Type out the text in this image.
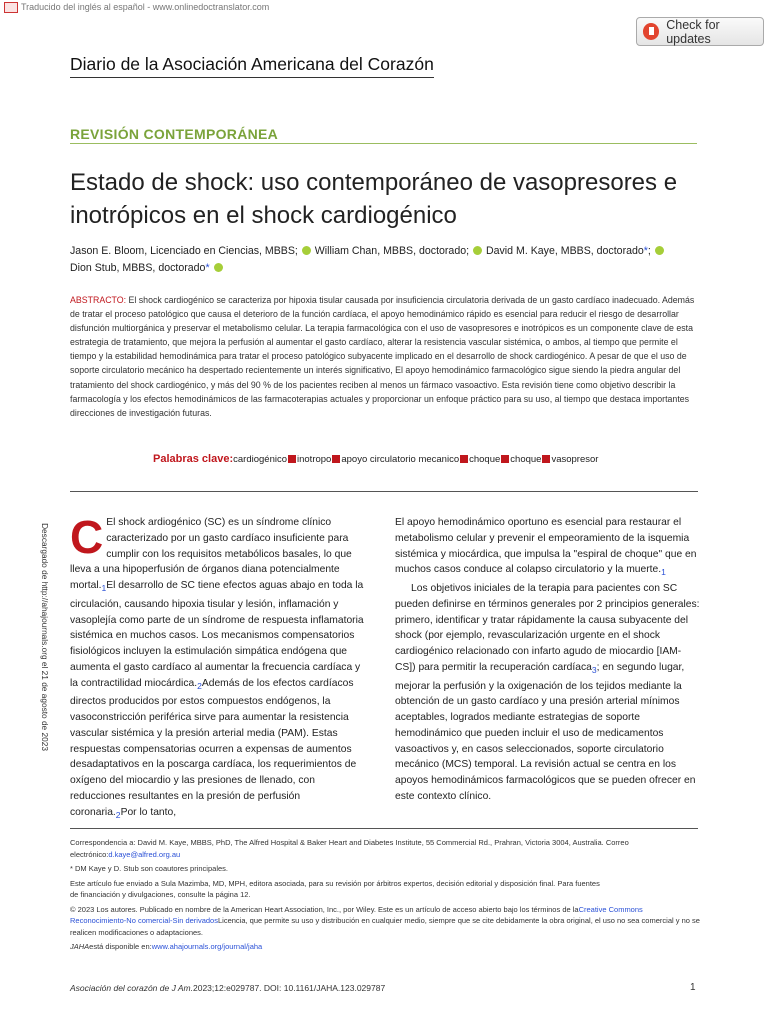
Traducido del inglés al español - www.onlinedoctranslator.com
Check for updates
Diario de la Asociación Americana del Corazón
REVISIÓN CONTEMPORÁNEA
Estado de shock: uso contemporáneo de vasopresores e inotrópicos en el shock cardiogénico
Jason E. Bloom, Licenciado en Ciencias, MBBS; William Chan, MBBS, doctorado; David M. Kaye, MBBS, doctorado*;
Dion Stub, MBBS, doctorado*
ABSTRACTO: El shock cardiogénico se caracteriza por hipoxia tisular causada por insuficiencia circulatoria derivada de un gasto cardíaco inadecuado. Además de tratar el proceso patológico que causa el deterioro de la función cardíaca, el apoyo hemodinámico rápido es esencial para reducir el riesgo de desarrollar disfunción multiorgánica y preservar el metabolismo celular. La terapia farmacológica con el uso de vasopresores e inotrópicos es un componente clave de esta estrategia de tratamiento, que mejora la perfusión al aumentar el gasto cardíaco, alterar la resistencia vascular sistémica, o ambos, al tiempo que permite el tiempo y la estabilidad hemodinámica para tratar el proceso patológico subyacente implicado en el desarrollo de shock cardiogénico. A pesar de que el uso de soporte circulatorio mecánico ha despertado recientemente un interés significativo, El apoyo hemodinámico farmacológico sigue siendo la piedra angular del tratamiento del shock cardiogénico, y más del 90 % de los pacientes reciben al menos un fármaco vasoactivo. Esta revisión tiene como objetivo describir la farmacología y los efectos hemodinámicos de las farmacoterapias actuales y proporcionar un enfoque práctico para su uso, al tiempo que destaca importantes direcciones de investigación futuras.
Palabras clave:cardiogénico inotropo apoyo circulatorio mecanico choque choque vasopresor
Descargado de http://ahajournals.org el 21 de agosto de 2023 C El shock ardiogénico (SC) es un síndrome clínico caracterizado por un gasto cardíaco insuficiente para cumplir con los requisitos metabólicos basales, lo que lleva a una hipoperfusión de órganos diana potencialmente $mortal._1El$ desarrollo de SC tiene efectos aguas abajo en toda la circulación, causando hipoxia tisular y lesión, inflamación y vasoplejía como parte de un síndrome de respuesta inflamatoria sistémica en muchos casos. Los mecanismos compensatorios fisiológicos incluyen la estimulación simpática endógena que aumenta el gasto cardíaco al aumentar la frecuencia cardíaca y la contractilidad $miocárdica._2Además$ de los efectos cardíacos directos producidos por estos compuestos endógenos, la vasoconstricción periférica sirve para aumentar la resistencia vascular sistémica y la presión arterial media (PAM). Estas respuestas compensatorias ocurren a expensas de aumentos desadaptativos en la poscarga cardíaca, los requerimientos de oxígeno del miocardio y las presiones de llenado, con reducciones resultantes en la presión de perfusión $coronaria._2Por$ lo tanto,

El apoyo hemodinámico oportuno es esencial para restaurar el metabolismo celular y prevenir el empeoramiento de la isquemia sistémica y miocárdica, que impulsa la "espiral de choque" que en muchos casos conduce al colapso circulatorio y la $muerte._1$

Los objetivos iniciales de la terapia para pacientes con SC pueden definirse en términos generales por 2 principios generales: primero, identificar y tratar rápidamente la causa subyacente del shock (por ejemplo, revascularización urgente en el shock cardiogénico relacionado con infarto agudo de miocardio [IAM-CS]) para permitir la recuperación cardíaca$_3$; en segundo lugar, mejorar la perfusión y la oxigenación de los tejidos mediante la obtención de un gasto cardíaco y una presión arterial mínimos aceptables, logrados mediante estrategias de soporte hemodinámico que pueden incluir el uso de medicamentos vasoactivos y, en casos seleccionados, soporte circulatorio mecánico (MCS) temporal. La revisión actual se centra en los apoyos hemodinámicos farmacológicos que se pueden ofrecer en este contexto clínico.

Correspondencia a: David M. Kaye, MBBS, PhD, The Alfred Hospital & Baker Heart and Diabetes Institute, 55 Commercial Rd., Prahran, Victoria 3004, Australia. Correo electrónico:d.kaye@alfred.org.au

* DM Kaye y D. Stub son coautores principales.

Este artículo fue enviado a Sula Mazimba, MD, MPH, editora asociada, para su revisión por árbitros expertos, decisión editorial y disposición final. Para fuentes
de financiación y divulgaciones, consulte la página 12.

© 2023 Los autores. Publicado en nombre de la American Heart Association, Inc., por Wiley. Este es un artículo de acceso abierto bajo los términos de laCreative Commons Reconocimiento-No comercial-Sin derivadosLicencia, que permite su uso y distribución en cualquier medio, siempre que se cite debidamente la obra original, el uso no sea comercial y no se realicen modificaciones o adaptaciones.

JAHAestá disponible en:www.ahajournals.org/journal/jaha

Asociación del corazón de J Am.2023;12:e029787. DOI: 10.1161/JAHA.123.029787	1
